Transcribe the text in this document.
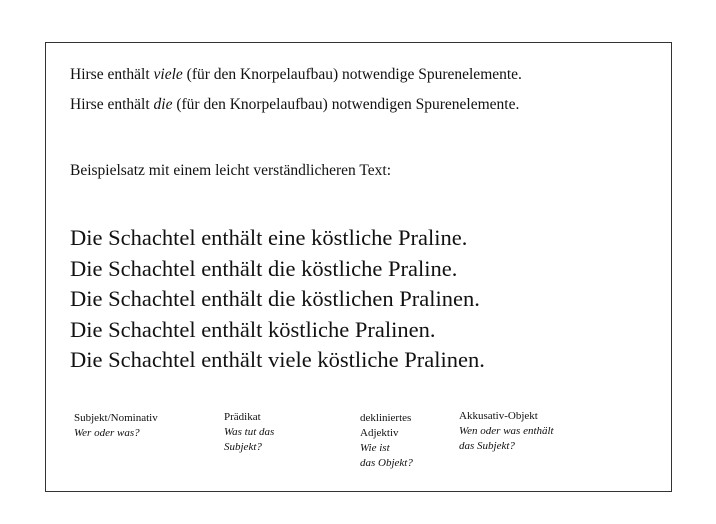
Hirse enthält viele (für den Knorpelaufbau) notwendige Spurenelemente.
Hirse enthält die (für den Knorpelaufbau) notwendigen Spurenelemente.
Beispielsatz mit einem leicht verständlicheren Text:
Die Schachtel enthält eine köstliche Praline.
Die Schachtel enthält die köstliche Praline.
Die Schachtel enthält die köstlichen Pralinen.
Die Schachtel enthält köstliche Pralinen.
Die Schachtel enthält viele köstliche Pralinen.
Subjekt/Nominativ
Wer oder was?
Prädikat
Was tut das
Subjekt?
dekliniertes
Adjektiv
Wie ist
das Objekt?
Akkusativ-Objekt
Wen oder was enthält
das Subjekt?
